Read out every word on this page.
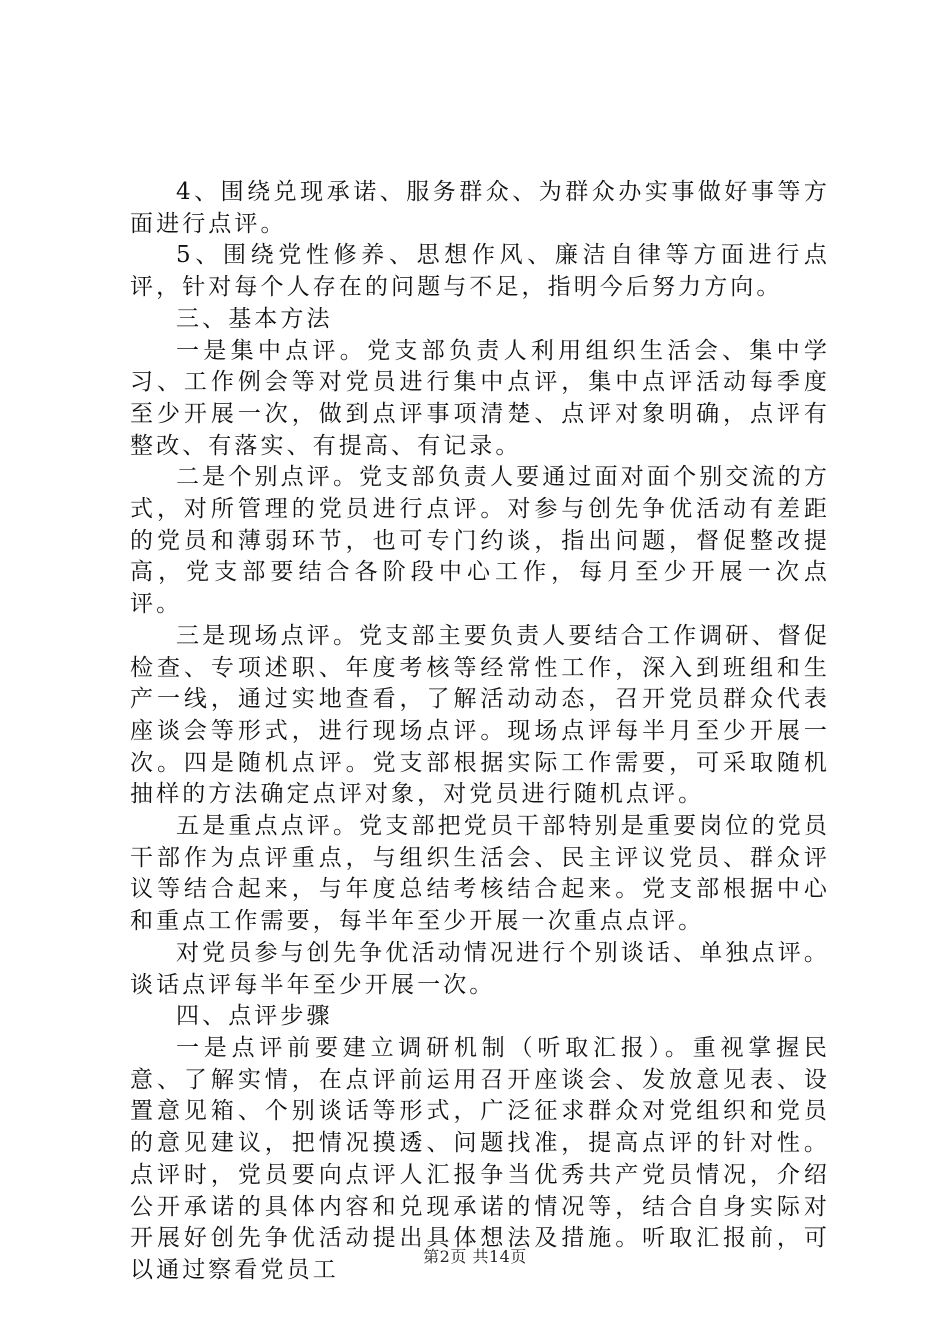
4、围绕兑现承诺、服务群众、为群众办实事做好事等方面进行点评。

5、围绕党性修养、思想作风、廉洁自律等方面进行点评，针对每个人存在的问题与不足，指明今后努力方向。

三、基本方法

一是集中点评。党支部负责人利用组织生活会、集中学习、工作例会等对党员进行集中点评，集中点评活动每季度至少开展一次，做到点评事项清楚、点评对象明确，点评有整改、有落实、有提高、有记录。

二是个别点评。党支部负责人要通过面对面个别交流的方式，对所管理的党员进行点评。对参与创先争优活动有差距的党员和薄弱环节，也可专门约谈，指出问题，督促整改提高，党支部要结合各阶段中心工作，每月至少开展一次点评。

三是现场点评。党支部主要负责人要结合工作调研、督促检查、专项述职、年度考核等经常性工作，深入到班组和生产一线，通过实地查看，了解活动动态，召开党员群众代表座谈会等形式，进行现场点评。现场点评每半月至少开展一次。四是随机点评。党支部根据实际工作需要，可采取随机抽样的方法确定点评对象，对党员进行随机点评。

五是重点点评。党支部把党员干部特别是重要岗位的党员干部作为点评重点，与组织生活会、民主评议党员、群众评议等结合起来，与年度总结考核结合起来。党支部根据中心和重点工作需要，每半年至少开展一次重点点评。

对党员参与创先争优活动情况进行个别谈话、单独点评。谈话点评每半年至少开展一次。

四、点评步骤

一是点评前要建立调研机制（听取汇报）。重视掌握民意、了解实情，在点评前运用召开座谈会、发放意见表、设置意见箱、个别谈话等形式，广泛征求群众对党组织和党员的意见建议，把情况摸透、问题找准，提高点评的针对性。点评时，党员要向点评人汇报争当优秀共产党员情况，介绍公开承诺的具体内容和兑现承诺的情况等，结合自身实际对开展好创先争优活动提出具体想法及措施。听取汇报前，可以通过察看党员工

第2页 共14页
